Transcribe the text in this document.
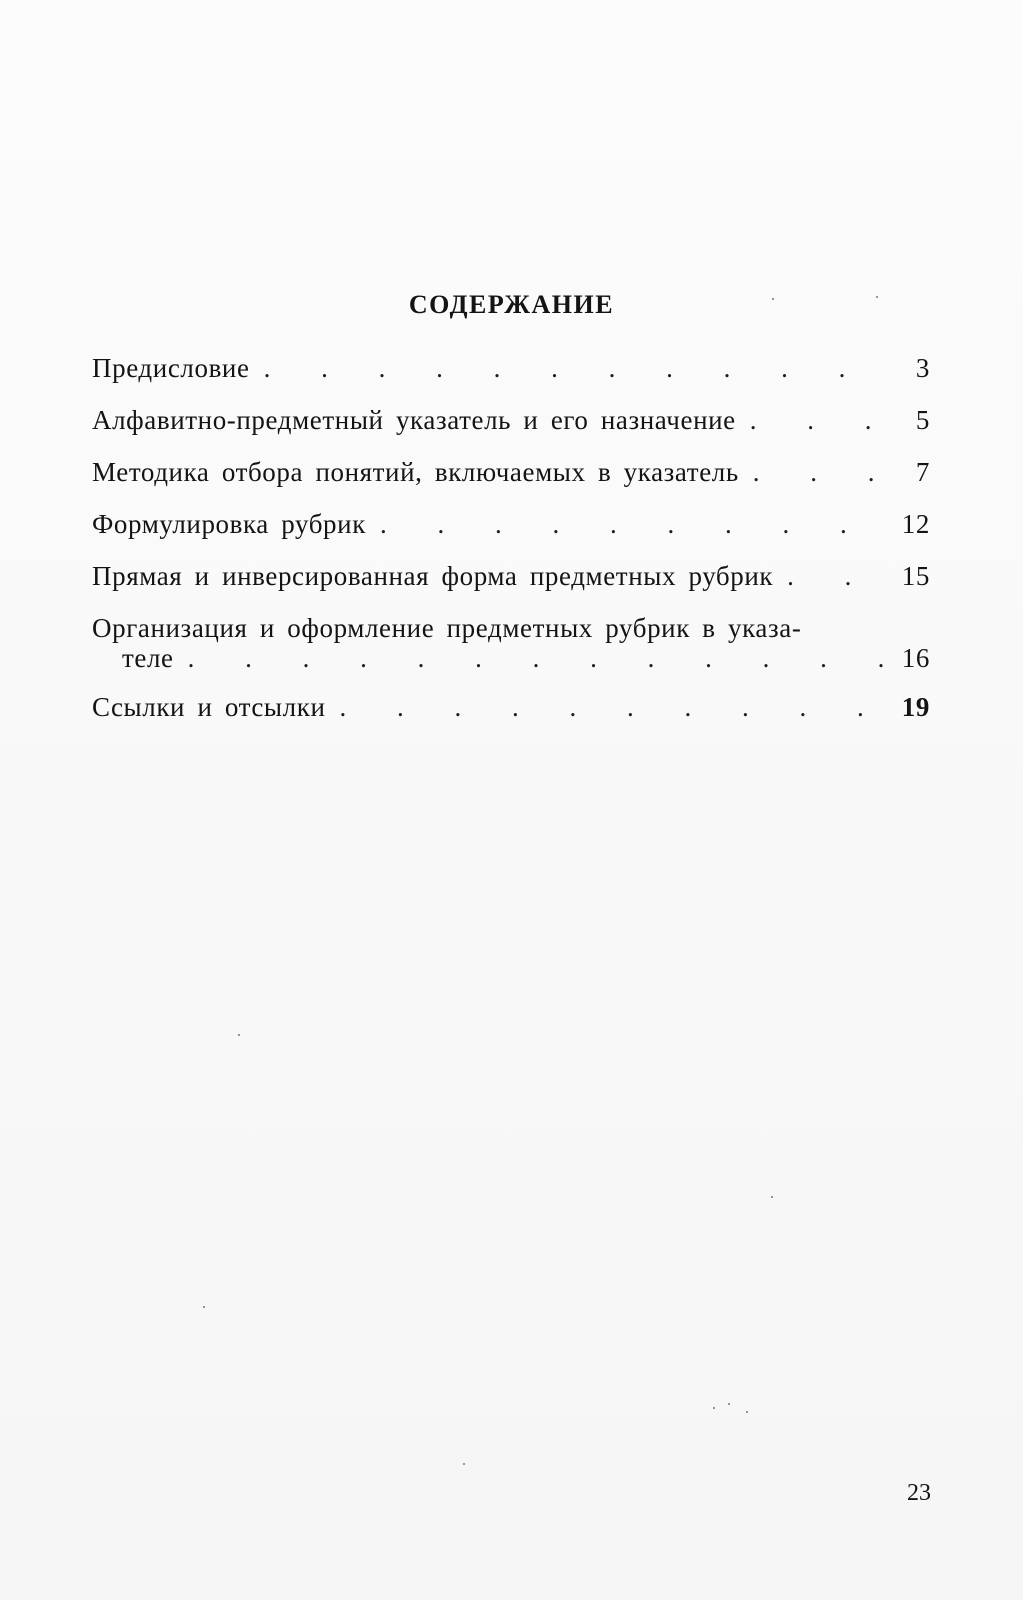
СОДЕРЖАНИЕ
Предисловие . . .	3
Алфавитно-предметный указатель и его назначение . . .	5
Методика отбора понятий, включаемых в указатель . . .	7
Формулировка рубрик . . .	12
Прямая и инверсированная форма предметных рубрик . . .	15
Организация и оформление предметных рубрик в указа-
теле . . .	16
Ссылки и отсылки . . .	19
23
